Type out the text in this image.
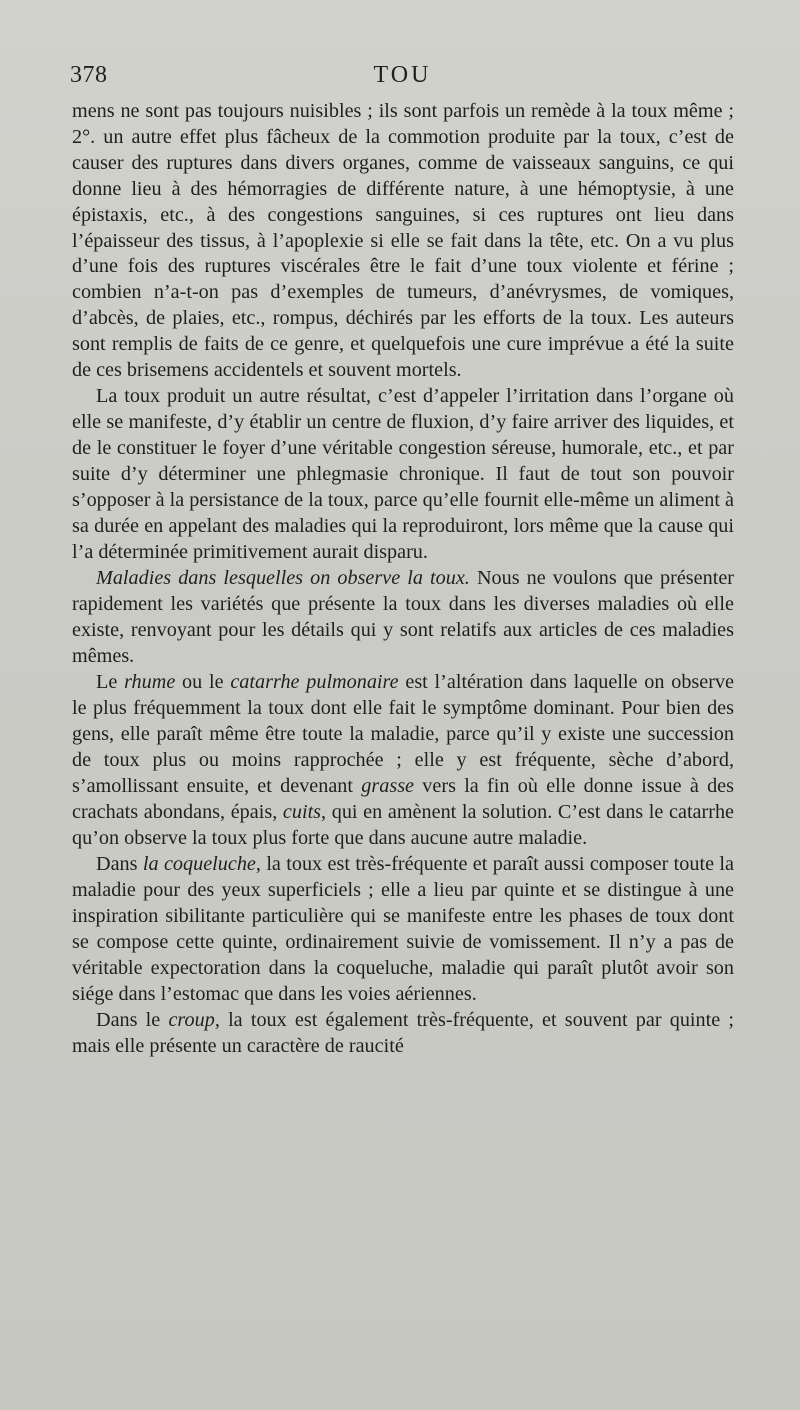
378	TOU

mens ne sont pas toujours nuisibles ; ils sont parfois un remède à la toux même ; 2°. un autre effet plus fâcheux de la commotion produite par la toux, c’est de causer des ruptures dans divers organes, comme de vaisseaux sanguins, ce qui donne lieu à des hémorragies de différente nature, à une hémoptysie, à une épistaxis, etc., à des congestions sanguines, si ces ruptures ont lieu dans l’épaisseur des tissus, à l’apoplexie si elle se fait dans la tête, etc. On a vu plus d’une fois des ruptures viscérales être le fait d’une toux violente et férine ; combien n’a-t-on pas d’exemples de tumeurs, d’anévrysmes, de vomiques, d’abcès, de plaies, etc., rompus, déchirés par les efforts de la toux. Les auteurs sont remplis de faits de ce genre, et quelquefois une cure imprévue a été la suite de ces brisemens accidentels et souvent mortels.

La toux produit un autre résultat, c’est d’appeler l’irritation dans l’organe où elle se manifeste, d’y établir un centre de fluxion, d’y faire arriver des liquides, et de le constituer le foyer d’une véritable congestion séreuse, humorale, etc., et par suite d’y déterminer une phlegmasie chronique. Il faut de tout son pouvoir s’opposer à la persistance de la toux, parce qu’elle fournit elle-même un aliment à sa durée en appelant des maladies qui la reproduiront, lors même que la cause qui l’a déterminée primitivement aurait disparu.

Maladies dans lesquelles on observe la toux. Nous ne voulons que présenter rapidement les variétés que présente la toux dans les diverses maladies où elle existe, renvoyant pour les détails qui y sont relatifs aux articles de ces maladies mêmes.

Le rhume ou le catarrhe pulmonaire est l’altération dans laquelle on observe le plus fréquemment la toux dont elle fait le symptôme dominant. Pour bien des gens, elle paraît même être toute la maladie, parce qu’il y existe une succession de toux plus ou moins rapprochée ; elle y est fréquente, sèche d’abord, s’amollissant ensuite, et devenant grasse vers la fin où elle donne issue à des crachats abondans, épais, cuits, qui en amènent la solution. C’est dans le catarrhe qu’on observe la toux plus forte que dans aucune autre maladie.

Dans la coqueluche, la toux est très-fréquente et paraît aussi composer toute la maladie pour des yeux superficiels ; elle a lieu par quinte et se distingue à une inspiration sibilitante particulière qui se manifeste entre les phases de toux dont se compose cette quinte, ordinairement suivie de vomissement. Il n’y a pas de véritable expectoration dans la coqueluche, maladie qui paraît plutôt avoir son siége dans l’estomac que dans les voies aériennes.

Dans le croup, la toux est également très-fréquente, et souvent par quinte ; mais elle présente un caractère de raucité
